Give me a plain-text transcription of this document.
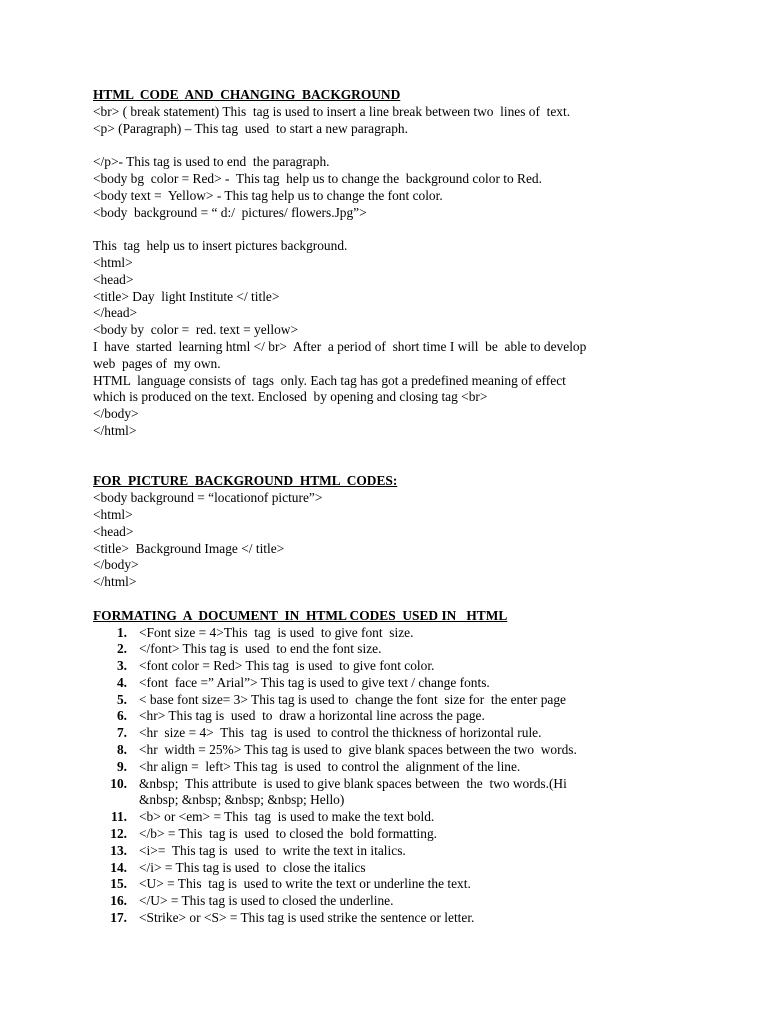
HTML  CODE  AND  CHANGING  BACKGROUND
<br> ( break statement) This  tag is used to insert a line break between two  lines of  text.
<p> (Paragraph) – This tag  used  to start a new paragraph.
</p>- This tag is used to end  the paragraph.
<body bg  color = Red> -  This tag  help us to change the  background color to Red.
<body text =  Yellow> - This tag help us to change the font color.
<body  background = “ d:/  pictures/ flowers.Jpg”>
This  tag  help us to insert pictures background.
<html>
<head>
<title> Day  light Institute </ title>
</head>
<body by  color =  red. text = yellow>
I  have  started  learning html </ br>  After  a period of  short time I will  be  able to develop
web  pages of  my own.
HTML  language consists of  tags  only. Each tag has got a predefined meaning of effect
which is produced on the text. Enclosed  by opening and closing tag <br>
</body>
</html>
FOR  PICTURE  BACKGROUND  HTML  CODES:
<body background = “locationof picture”>
<html>
<head>
<title>  Background Image </ title>
</body>
</html>
FORMATING  A  DOCUMENT  IN  HTML CODES  USED IN   HTML
1. <Font size = 4>This  tag  is used  to give font  size.
2. </font> This tag is  used  to end the font size.
3. <font color = Red> This tag  is used  to give font color.
4. <font  face =” Arial”> This tag is used to give text / change fonts.
5. < base font size= 3> This tag is used to  change the font  size for  the enter page
6. <hr> This tag is  used  to  draw a horizontal line across the page.
7. <hr  size = 4>  This  tag  is used  to control the thickness of horizontal rule.
8. <hr  width = 25%> This tag is used to  give blank spaces between the two  words.
9. <hr align =  left> This tag  is used  to control the  alignment of the line.
10. &nbsp;  This attribute  is used to give blank spaces between  the  two words.(Hi
&nbsp; &nbsp; &nbsp; &nbsp; Hello)
11. <b> or <em> = This  tag  is used to make the text bold.
12. </b> = This  tag is  used  to closed the  bold formatting.
13. <i>=  This tag is  used  to  write the text in italics.
14. </i> = This tag is used  to  close the italics
15. <U> = This  tag is  used to write the text or underline the text.
16. </U> = This tag is used to closed the underline.
17. <Strike> or <S> = This tag is used strike the sentence or letter.
